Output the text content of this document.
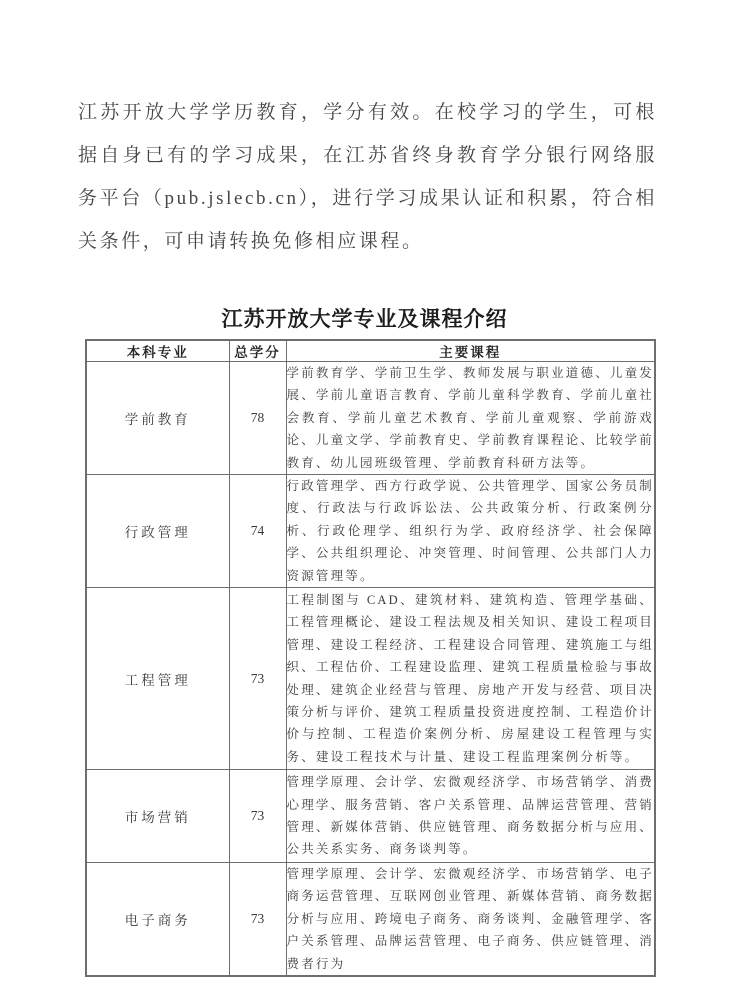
江苏开放大学学历教育，学分有效。在校学习的学生，可根据自身已有的学习成果，在江苏省终身教育学分银行网络服务平台（pub.jslecb.cn），进行学习成果认证和积累，符合相关条件，可申请转换免修相应课程。

江苏开放大学专业及课程介绍
本科专业	总学分	主要课程
学前教育	78	学前教育学、学前卫生学、教师发展与职业道德、儿童发展、学前儿童语言教育、学前儿童科学教育、学前儿童社会教育、学前儿童艺术教育、学前儿童观察、学前游戏论、儿童文学、学前教育史、学前教育课程论、比较学前教育、幼儿园班级管理、学前教育科研方法等。
行政管理	74	行政管理学、西方行政学说、公共管理学、国家公务员制度、行政法与行政诉讼法、公共政策分析、行政案例分析、行政伦理学、组织行为学、政府经济学、社会保障学、公共组织理论、冲突管理、时间管理、公共部门人力资源管理等。
工程管理	73	工程制图与 CAD、建筑材料、建筑构造、管理学基础、工程管理概论、建设工程法规及相关知识、建设工程项目管理、建设工程经济、工程建设合同管理、建筑施工与组织、工程估价、工程建设监理、建筑工程质量检验与事故处理、建筑企业经营与管理、房地产开发与经营、项目决策分析与评价、建筑工程质量投资进度控制、工程造价计价与控制、工程造价案例分析、房屋建设工程管理与实务、建设工程技术与计量、建设工程监理案例分析等。
市场营销	73	管理学原理、会计学、宏微观经济学、市场营销学、消费心理学、服务营销、客户关系管理、品牌运营管理、营销管理、新媒体营销、供应链管理、商务数据分析与应用、公共关系实务、商务谈判等。
电子商务	73	管理学原理、会计学、宏微观经济学、市场营销学、电子商务运营管理、互联网创业管理、新媒体营销、商务数据分析与应用、跨境电子商务、商务谈判、金融管理学、客户关系管理、品牌运营管理、电子商务、供应链管理、消费者行为
